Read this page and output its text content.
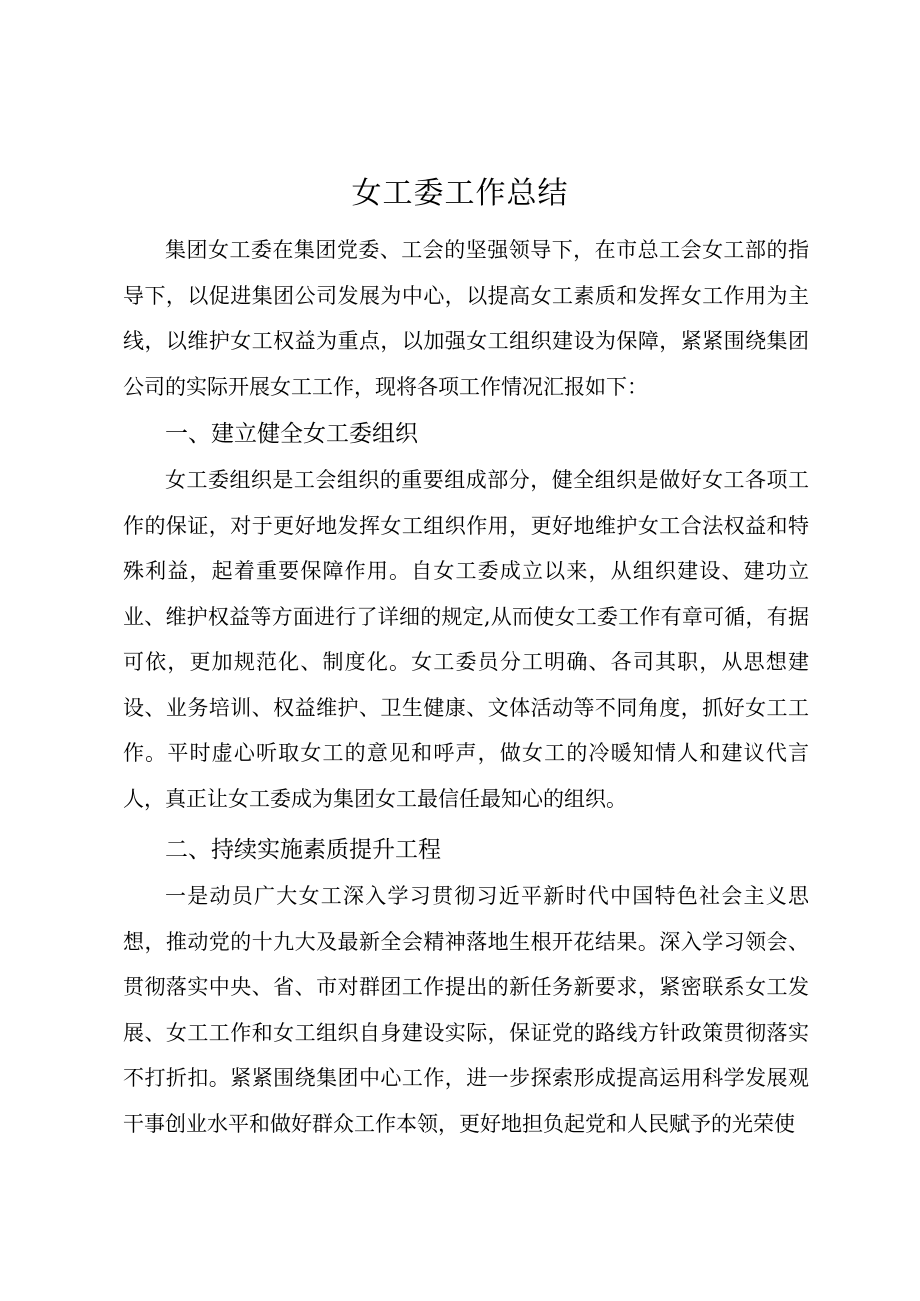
女工委工作总结
集团女工委在集团党委、工会的坚强领导下，在市总工会女工部的指导下，以促进集团公司发展为中心，以提高女工素质和发挥女工作用为主线，以维护女工权益为重点，以加强女工组织建设为保障，紧紧围绕集团公司的实际开展女工工作，现将各项工作情况汇报如下：
一、建立健全女工委组织
女工委组织是工会组织的重要组成部分，健全组织是做好女工各项工作的保证，对于更好地发挥女工组织作用，更好地维护女工合法权益和特殊利益，起着重要保障作用。自女工委成立以来，从组织建设、建功立业、维护权益等方面进行了详细的规定,从而使女工委工作有章可循，有据可依，更加规范化、制度化。女工委员分工明确、各司其职，从思想建设、业务培训、权益维护、卫生健康、文体活动等不同角度，抓好女工工作。平时虚心听取女工的意见和呼声，做女工的冷暖知情人和建议代言人，真正让女工委成为集团女工最信任最知心的组织。
二、持续实施素质提升工程
一是动员广大女工深入学习贯彻习近平新时代中国特色社会主义思想，推动党的十九大及最新全会精神落地生根开花结果。深入学习领会、贯彻落实中央、省、市对群团工作提出的新任务新要求，紧密联系女工发展、女工工作和女工组织自身建设实际，保证党的路线方针政策贯彻落实不打折扣。紧紧围绕集团中心工作，进一步探索形成提高运用科学发展观干事创业水平和做好群众工作本领，更好地担负起党和人民赋予的光荣使
